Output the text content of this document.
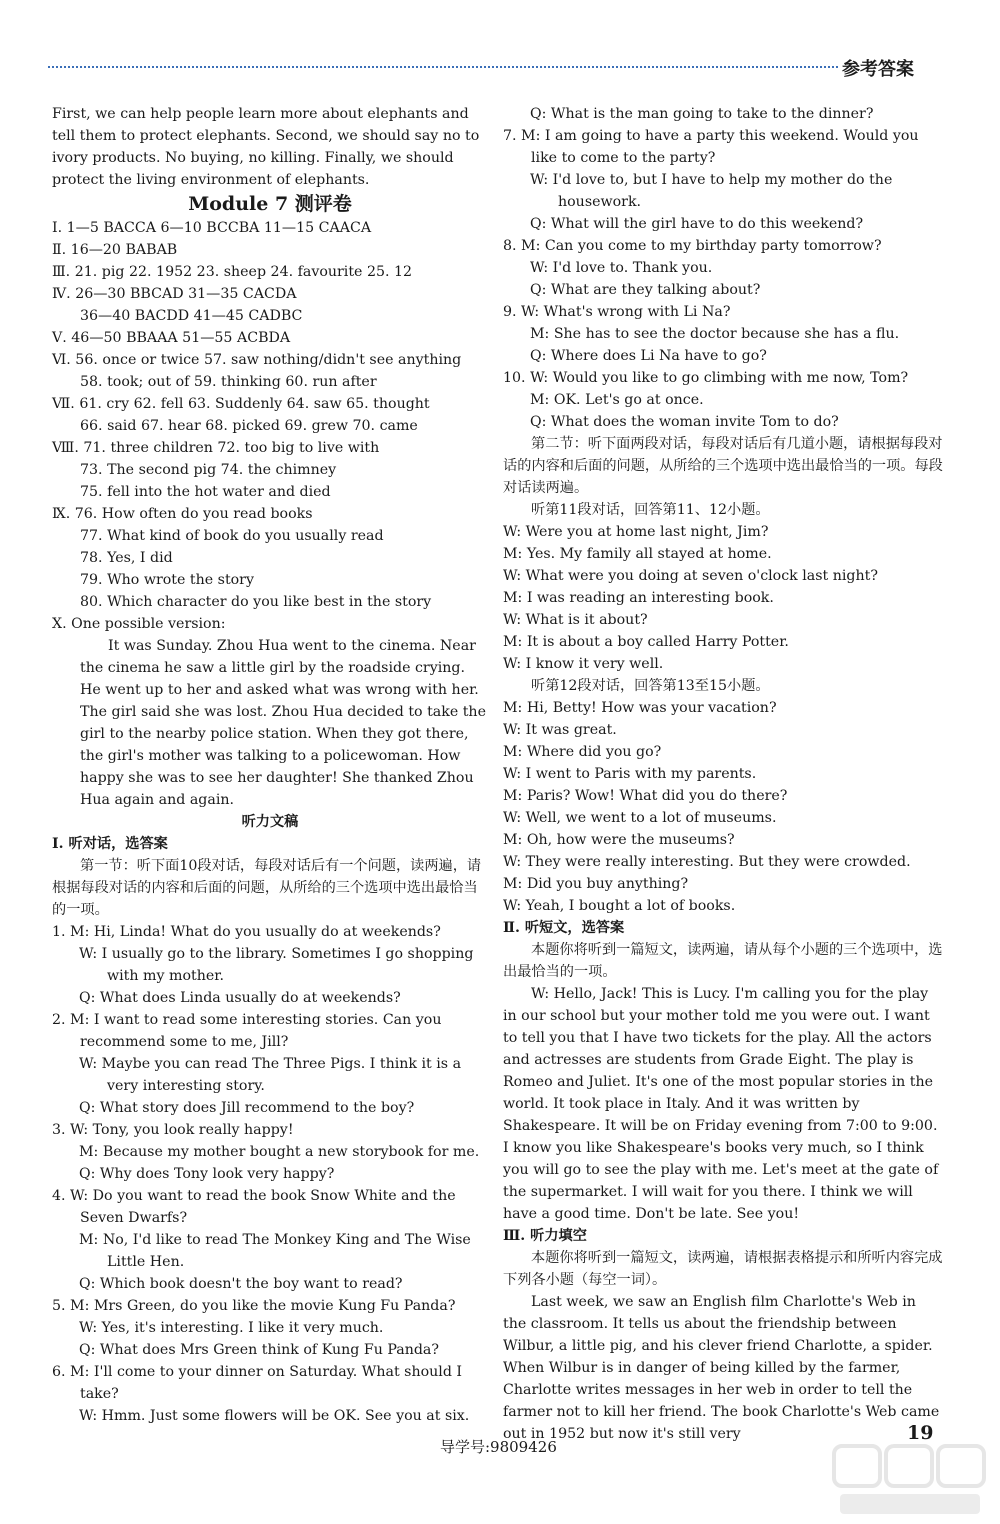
参考答案

First, we can help people learn more about elephants and tell them to protect elephants. Second, we should say no to ivory products. No buying, no killing. Finally, we should protect the living environment of elephants.

Module 7 测评卷

Ⅰ. 1—5 BACCA 6—10 BCCBA 11—15 CAACA

Ⅱ. 16—20 BABAB

Ⅲ. 21. pig 22. 1952 23. sheep 24. favourite 25. 12

Ⅳ. 26—30 BBCAD 31—35 CACDA

36—40 BACDD 41—45 CADBC

Ⅴ. 46—50 BBAAA 51—55 ACBDA

Ⅵ. 56. once or twice 57. saw nothing/didn't see anything

58. took; out of 59. thinking 60. run after

Ⅶ. 61. cry 62. fell 63. Suddenly 64. saw 65. thought

66. said 67. hear 68. picked 69. grew 70. came

Ⅷ. 71. three children 72. too big to live with

73. The second pig 74. the chimney

75. fell into the hot water and died

Ⅸ. 76. How often do you read books

77. What kind of book do you usually read

78. Yes, I did

79. Who wrote the story

80. Which character do you like best in the story

Ⅹ. One possible version:

It was Sunday. Zhou Hua went to the cinema. Near the cinema he saw a little girl by the roadside crying. He went up to her and asked what was wrong with her. The girl said she was lost. Zhou Hua decided to take the girl to the nearby police station. When they got there, the girl's mother was talking to a policewoman. How happy she was to see her daughter! She thanked Zhou Hua again and again.

听力文稿

Ⅰ. 听对话，选答案

第一节：听下面10段对话，每段对话后有一个问题，读两遍，请根据每段对话的内容和后面的问题，从所给的三个选项中选出最恰当的一项。

1. M: Hi, Linda! What do you usually do at weekends?

W: I usually go to the library. Sometimes I go shopping with my mother.

Q: What does Linda usually do at weekends?

2. M: I want to read some interesting stories. Can you recommend some to me, Jill?

W: Maybe you can read The Three Pigs. I think it is a very interesting story.

Q: What story does Jill recommend to the boy?

3. W: Tony, you look really happy!

M: Because my mother bought a new storybook for me.

Q: Why does Tony look very happy?

4. W: Do you want to read the book Snow White and the Seven Dwarfs?

M: No, I'd like to read The Monkey King and The Wise Little Hen.

Q: Which book doesn't the boy want to read?

5. M: Mrs Green, do you like the movie Kung Fu Panda?

W: Yes, it's interesting. I like it very much.

Q: What does Mrs Green think of Kung Fu Panda?

6. M: I'll come to your dinner on Saturday. What should I take?

W: Hmm. Just some flowers will be OK. See you at six.

Q: What is the man going to take to the dinner?

7. M: I am going to have a party this weekend. Would you like to come to the party?

W: I'd love to, but I have to help my mother do the housework.

Q: What will the girl have to do this weekend?

8. M: Can you come to my birthday party tomorrow?

W: I'd love to. Thank you.

Q: What are they talking about?

9. W: What's wrong with Li Na?

M: She has to see the doctor because she has a flu.

Q: Where does Li Na have to go?

10. W: Would you like to go climbing with me now, Tom?

M: OK. Let's go at once.

Q: What does the woman invite Tom to do?

第二节：听下面两段对话，每段对话后有几道小题，请根据每段对话的内容和后面的问题，从所给的三个选项中选出最恰当的一项。每段对话读两遍。

听第11段对话，回答第11、12小题。

W: Were you at home last night, Jim?

M: Yes. My family all stayed at home.

W: What were you doing at seven o'clock last night?

M: I was reading an interesting book.

W: What is it about?

M: It is about a boy called Harry Potter.

W: I know it very well.

听第12段对话，回答第13至15小题。

M: Hi, Betty! How was your vacation?

W: It was great.

M: Where did you go?

W: I went to Paris with my parents.

M: Paris? Wow! What did you do there?

W: Well, we went to a lot of museums.

M: Oh, how were the museums?

W: They were really interesting. But they were crowded.

M: Did you buy anything?

W: Yeah, I bought a lot of books.

Ⅱ. 听短文，选答案

本题你将听到一篇短文，读两遍，请从每个小题的三个选项中，选出最恰当的一项。

W: Hello, Jack! This is Lucy. I'm calling you for the play in our school but your mother told me you were out. I want to tell you that I have two tickets for the play. All the actors and actresses are students from Grade Eight. The play is Romeo and Juliet. It's one of the most popular stories in the world. It took place in Italy. And it was written by Shakespeare. It will be on Friday evening from 7:00 to 9:00. I know you like Shakespeare's books very much, so I think you will go to see the play with me. Let's meet at the gate of the supermarket. I will wait for you there. I think we will have a good time. Don't be late. See you!

Ⅲ. 听力填空

本题你将听到一篇短文，读两遍，请根据表格提示和所听内容完成下列各小题（每空一词）。

Last week, we saw an English film Charlotte's Web in the classroom. It tells us about the friendship between Wilbur, a little pig, and his clever friend Charlotte, a spider. When Wilbur is in danger of being killed by the farmer, Charlotte writes messages in her web in order to tell the farmer not to kill her friend. The book Charlotte's Web came out in 1952 but now it's still very	19
导学号:9809426
